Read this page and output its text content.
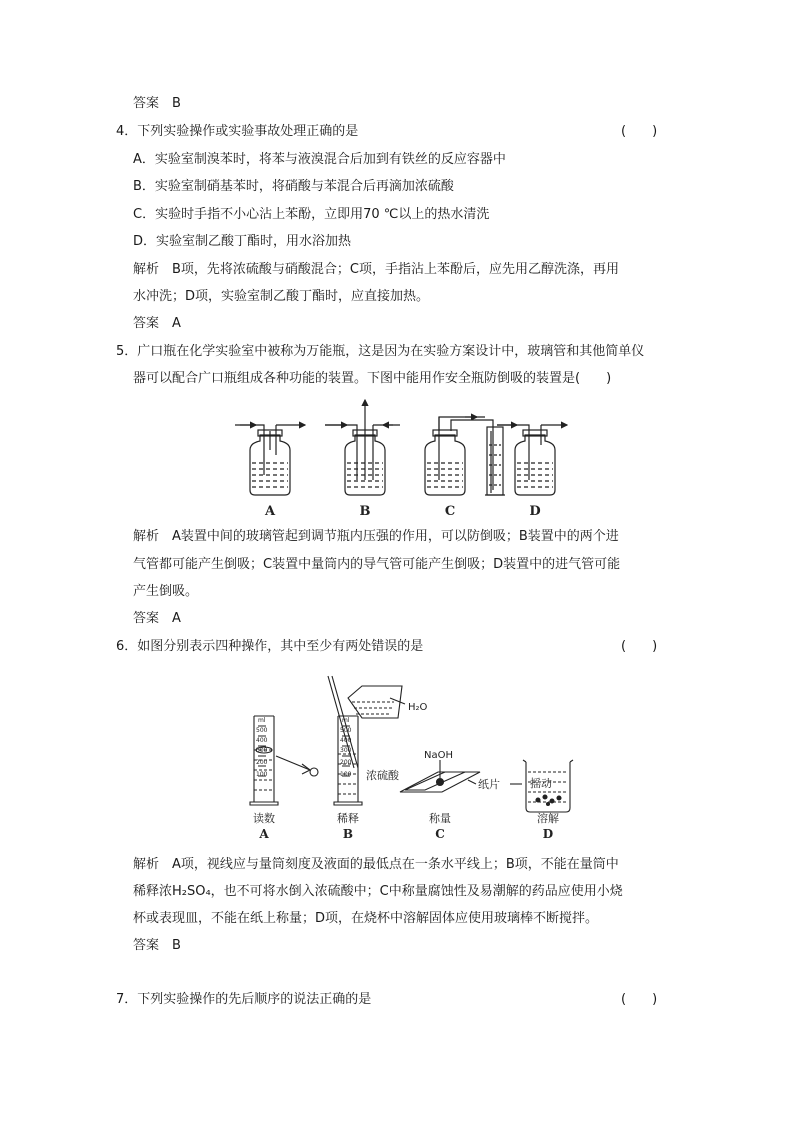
答案　B
4．下列实验操作或实验事故处理正确的是	(　　)
A．实验室制溴苯时，将苯与液溴混合后加到有铁丝的反应容器中
B．实验室制硝基苯时，将硝酸与苯混合后再滴加浓硫酸
C．实验时手指不小心沾上苯酚，立即用70 ℃以上的热水清洗
D．实验室制乙酸丁酯时，用水浴加热
解析　B项，先将浓硫酸与硝酸混合；C项，手指沾上苯酚后，应先用乙醇洗涤，再用
水冲洗；D项，实验室制乙酸丁酯时，应直接加热。
答案　A
5．广口瓶在化学实验室中被称为万能瓶，这是因为在实验方案设计中，玻璃管和其他简单仪
器可以配合广口瓶组成各种功能的装置。下图中能用作安全瓶防倒吸的装置是(　　)
A	B	C	D
解析　A装置中间的玻璃管起到调节瓶内压强的作用，可以防倒吸；B装置中的两个进
气管都可能产生倒吸；C装置中量筒内的导气管可能产生倒吸；D装置中的进气管可能
产生倒吸。
答案　A
6．如图分别表示四种操作，其中至少有两处错误的是	(　　)
ml
500
400
300
200
100
ml
500
400
300
200
100
H₂O
浓硫酸
NaOH
纸片	摇动
读数	稀释	称量	溶解
A	B	C	D
解析　A项，视线应与量筒刻度及液面的最低点在一条水平线上；B项，不能在量筒中
稀释浓H₂SO₄，也不可将水倒入浓硫酸中；C中称量腐蚀性及易潮解的药品应使用小烧
杯或表现皿，不能在纸上称量；D项，在烧杯中溶解固体应使用玻璃棒不断搅拌。
答案　B
7．下列实验操作的先后顺序的说法正确的是	(　　)
